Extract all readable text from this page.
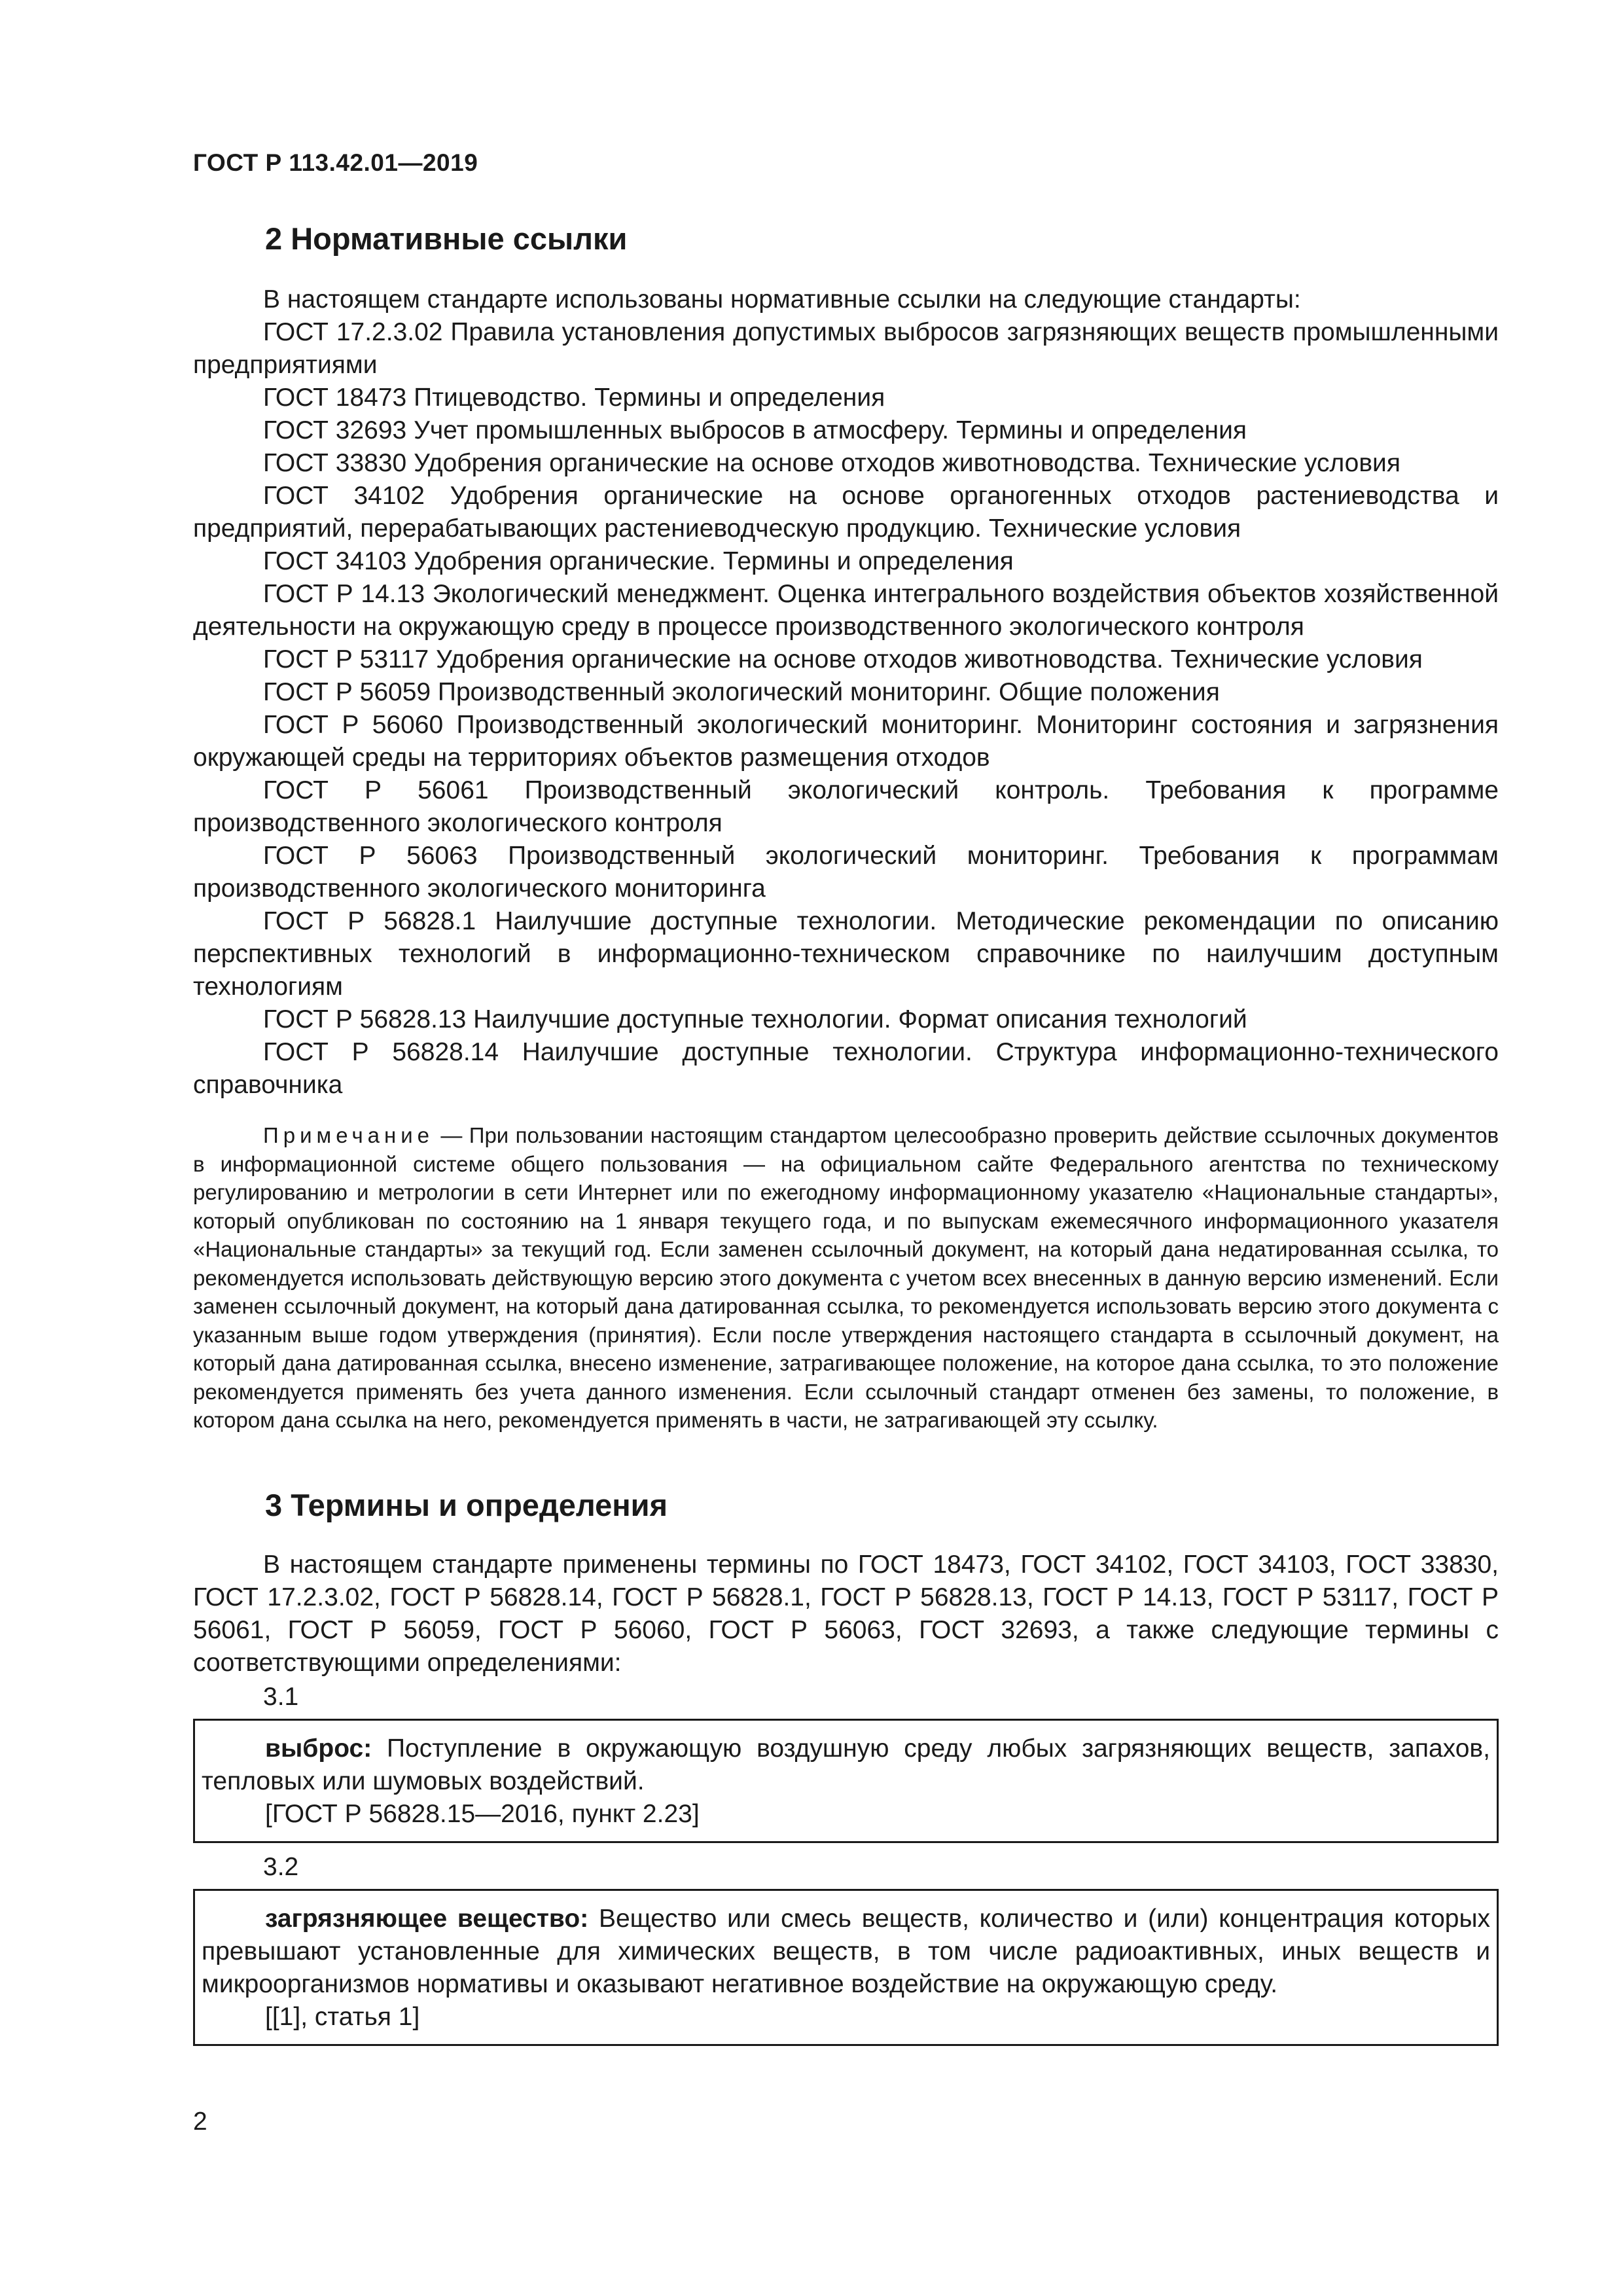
ГОСТ Р 113.42.01—2019
2 Нормативные ссылки

В настоящем стандарте использованы нормативные ссылки на следующие стандарты:

ГОСТ 17.2.3.02 Правила установления допустимых выбросов загрязняющих веществ промышленными предприятиями

ГОСТ 18473 Птицеводство. Термины и определения

ГОСТ 32693 Учет промышленных выбросов в атмосферу. Термины и определения

ГОСТ 33830 Удобрения органические на основе отходов животноводства. Технические условия

ГОСТ 34102 Удобрения органические на основе органогенных отходов растениеводства и предприятий, перерабатывающих растениеводческую продукцию. Технические условия

ГОСТ 34103 Удобрения органические. Термины и определения

ГОСТ Р 14.13 Экологический менеджмент. Оценка интегрального воздействия объектов хозяйственной деятельности на окружающую среду в процессе производственного экологического контроля

ГОСТ Р 53117 Удобрения органические на основе отходов животноводства. Технические условия

ГОСТ Р 56059 Производственный экологический мониторинг. Общие положения

ГОСТ Р 56060 Производственный экологический мониторинг. Мониторинг состояния и загрязнения окружающей среды на территориях объектов размещения отходов

ГОСТ Р 56061 Производственный экологический контроль. Требования к программе производственного экологического контроля

ГОСТ Р 56063 Производственный экологический мониторинг. Требования к программам производственного экологического мониторинга

ГОСТ Р 56828.1 Наилучшие доступные технологии. Методические рекомендации по описанию перспективных технологий в информационно-техническом справочнике по наилучшим доступным технологиям

ГОСТ Р 56828.13 Наилучшие доступные технологии. Формат описания технологий

ГОСТ Р 56828.14 Наилучшие доступные технологии. Структура информационно-технического справочника

Примечание — При пользовании настоящим стандартом целесообразно проверить действие ссылочных документов в информационной системе общего пользования — на официальном сайте Федерального агентства по техническому регулированию и метрологии в сети Интернет или по ежегодному информационному указателю «Национальные стандарты», который опубликован по состоянию на 1 января текущего года, и по выпускам ежемесячного информационного указателя «Национальные стандарты» за текущий год. Если заменен ссылочный документ, на который дана недатированная ссылка, то рекомендуется использовать действующую версию этого документа с учетом всех внесенных в данную версию изменений. Если заменен ссылочный документ, на который дана датированная ссылка, то рекомендуется использовать версию этого документа с указанным выше годом утверждения (принятия). Если после утверждения настоящего стандарта в ссылочный документ, на который дана датированная ссылка, внесено изменение, затрагивающее положение, на которое дана ссылка, то это положение рекомендуется применять без учета данного изменения. Если ссылочный стандарт отменен без замены, то положение, в котором дана ссылка на него, рекомендуется применять в части, не затрагивающей эту ссылку.
3 Термины и определения

В настоящем стандарте применены термины по ГОСТ 18473, ГОСТ 34102, ГОСТ 34103, ГОСТ 33830, ГОСТ 17.2.3.02, ГОСТ Р 56828.14, ГОСТ Р 56828.1, ГОСТ Р 56828.13, ГОСТ Р 14.13, ГОСТ Р 53117, ГОСТ Р 56061, ГОСТ Р 56059, ГОСТ Р 56060, ГОСТ Р 56063, ГОСТ 32693, а также следующие термины с соответствующими определениями:

3.1

выброс: Поступление в окружающую воздушную среду любых загрязняющих веществ, запахов, тепловых или шумовых воздействий.

[ГОСТ Р 56828.15—2016, пункт 2.23]

3.2

загрязняющее вещество: Вещество или смесь веществ, количество и (или) концентрация которых превышают установленные для химических веществ, в том числе радиоактивных, иных веществ и микроорганизмов нормативы и оказывают негативное воздействие на окружающую среду.

[[1], статья 1]

2
